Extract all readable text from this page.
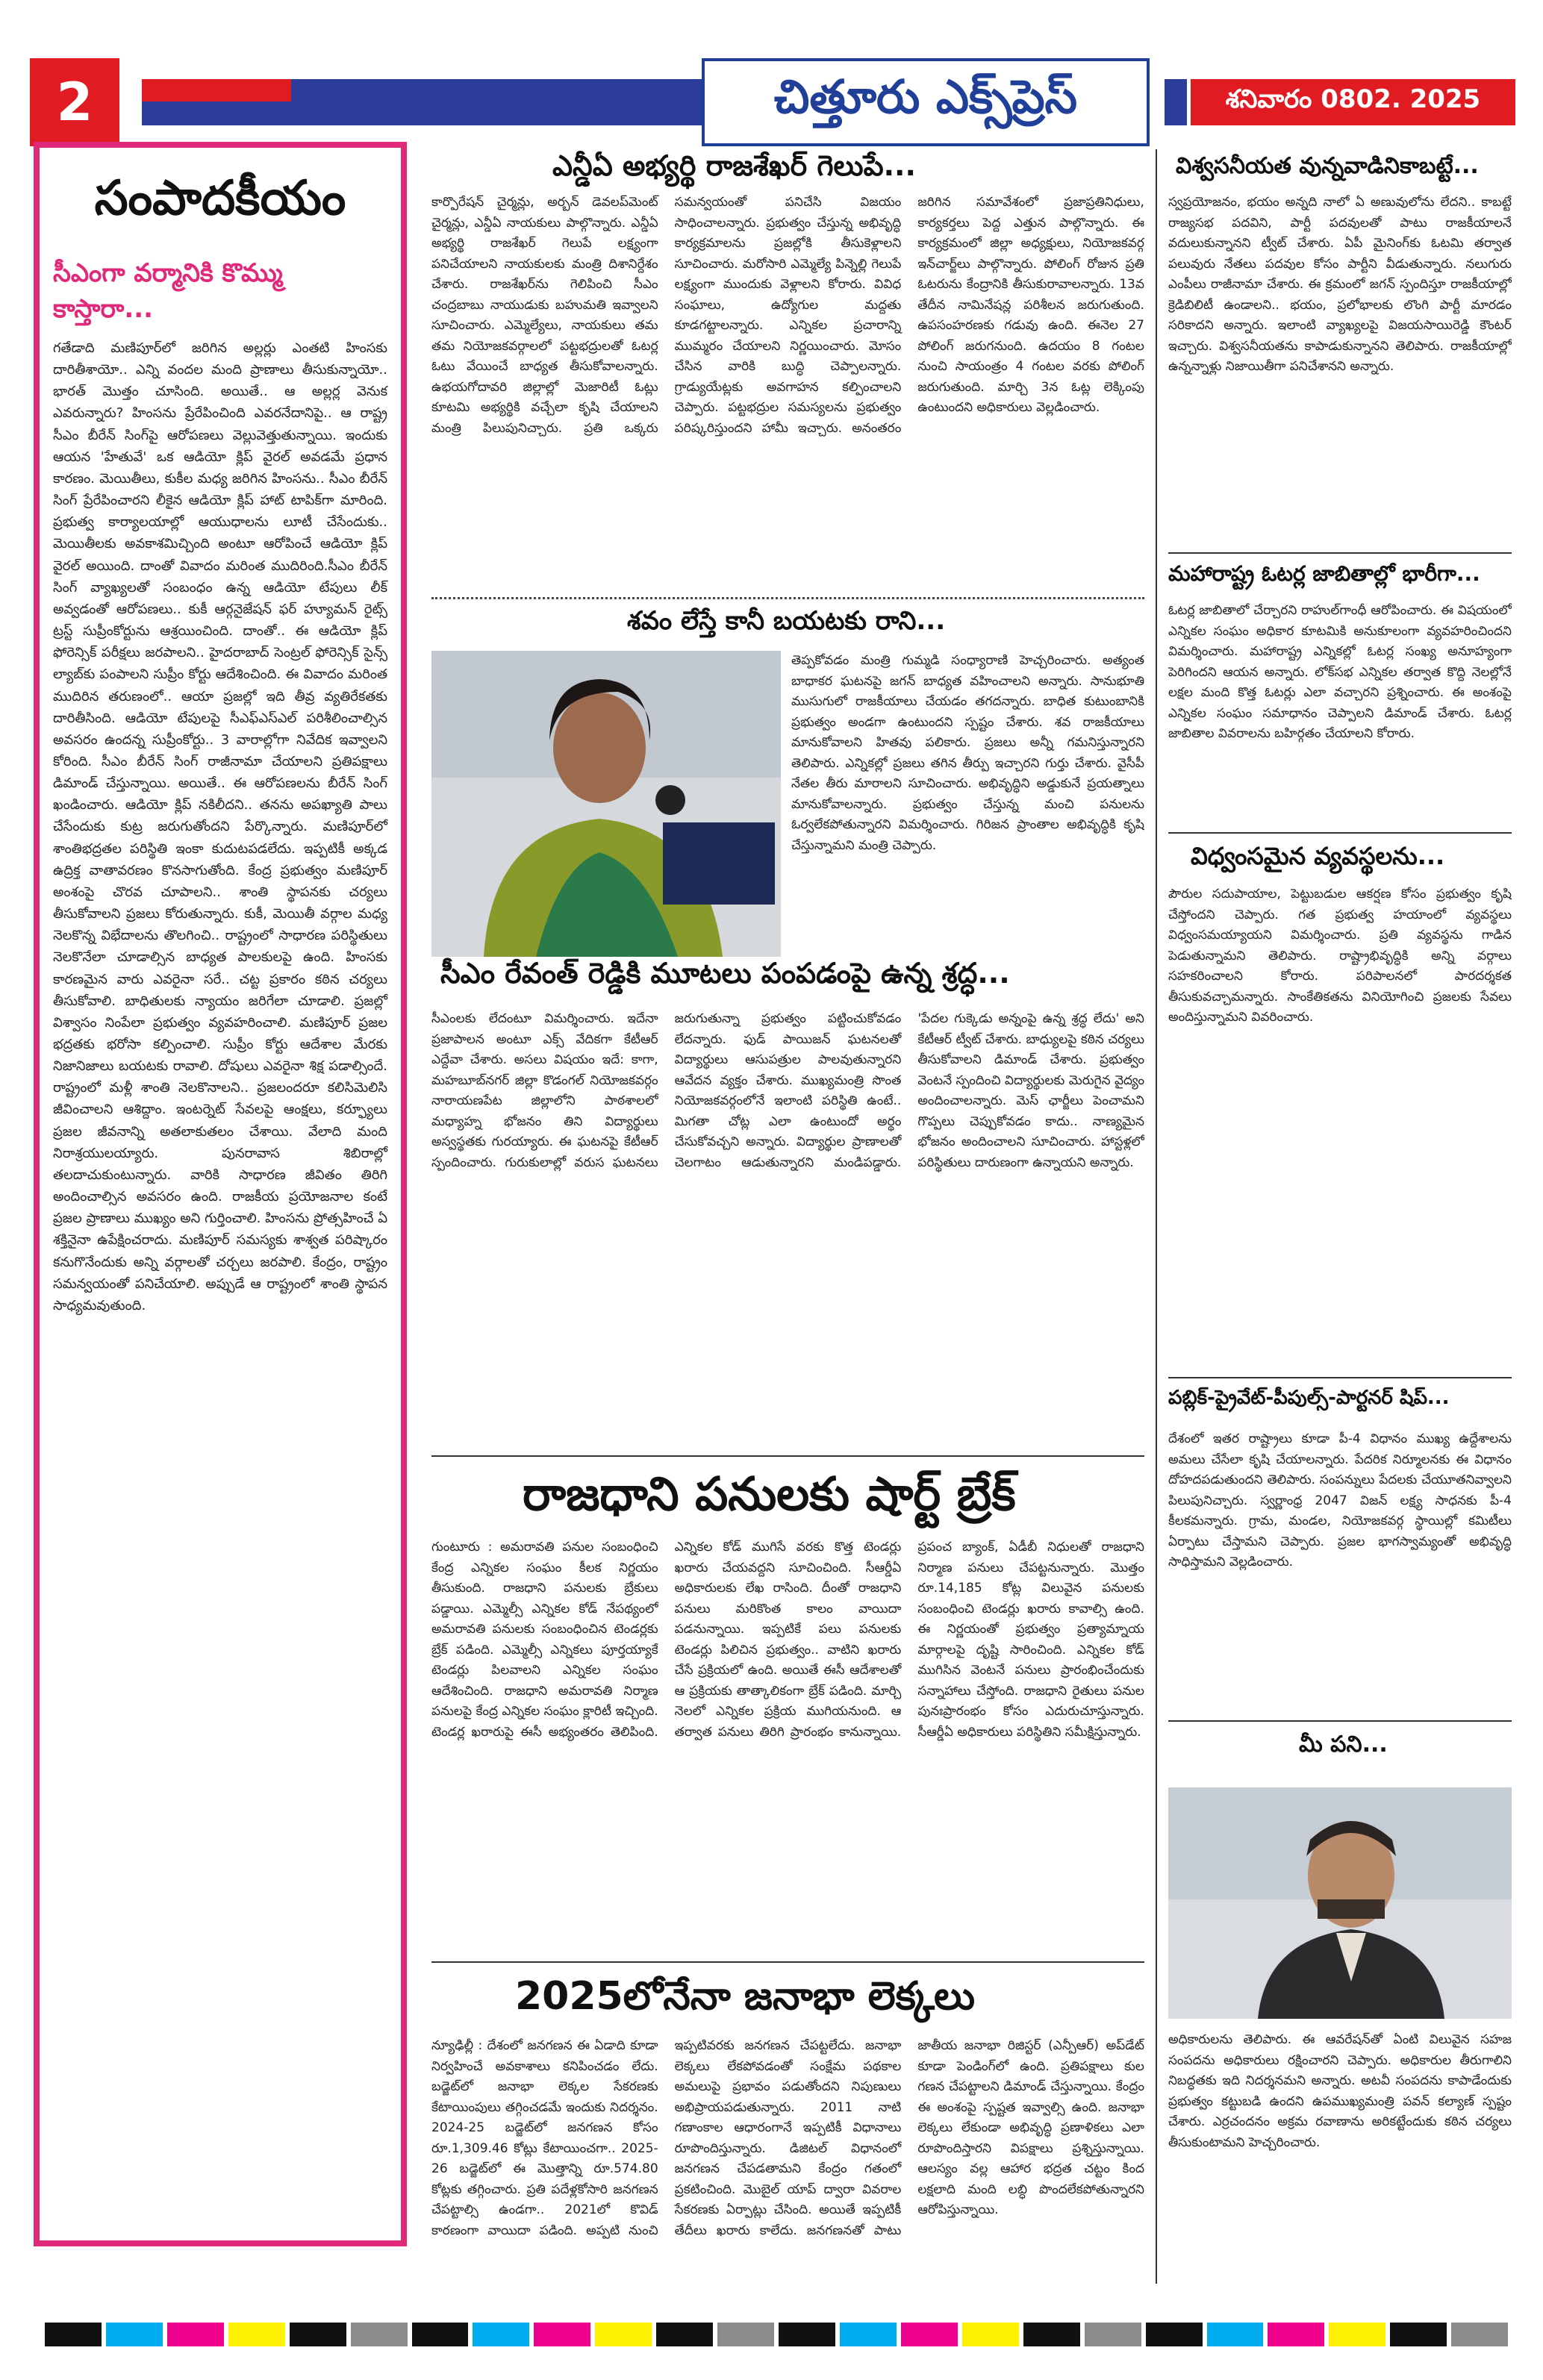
2	చిత్తూరు ఎక్స్‌ప్రెస్	శనివారం 0802. 2025
సంపాదకీయం
సీఎంగా వర్మానికి కొమ్ము కాస్తారా...
గతేడాది మణిపూర్‌లో జరిగిన అల్లర్లు ఎంతటి హింసకు దారితీశాయో.. ఎన్ని వందల మంది ప్రాణాలు తీసుకున్నాయో.. భారత్ మొత్తం చూసింది. అయితే.. ఆ అల్లర్ల వెనుక ఎవరున్నారు? హింసను ప్రేరేపించింది ఎవరనేదానిపై.. ఆ రాష్ట్ర సీఎం బీరేన్ సింగ్‌పై ఆరోపణలు వెల్లువెత్తుతున్నాయి. ఇందుకు ఆయన 'హేతువే' ఒక ఆడియో క్లిప్ వైరల్ అవడమే ప్రధాన కారణం. మెయితీలు, కుకీల మధ్య జరిగిన హింసను.. సీఎం బీరేన్ సింగ్ ప్రేరేపించారని లీకైన ఆడియో క్లిప్ హాట్ టాపిక్‌గా మారింది. ప్రభుత్వ కార్యాలయాల్లో ఆయుధాలను లూటీ చేసేందుకు.. మెయితీలకు అవకాశమిచ్చింది అంటూ ఆరోపించే ఆడియో క్లిప్ వైరల్ అయింది. దాంతో వివాదం మరింత ముదిరింది.సీఎం బీరేన్ సింగ్ వ్యాఖ్యలతో సంబంధం ఉన్న ఆడియో టేపులు లీక్ అవ్వడంతో ఆరోపణలు.. కుకీ ఆర్గనైజేషన్ ఫర్ హ్యూమన్ రైట్స్ ట్రస్ట్ సుప్రీంకోర్టును ఆశ్రయించింది. దాంతో.. ఈ ఆడియో క్లిప్ ఫోరెన్సిక్ పరీక్షలు జరపాలని.. హైదరాబాద్ సెంట్రల్ ఫోరెన్సిక్ సైన్స్ ల్యాబ్‌కు పంపాలని సుప్రీం కోర్టు ఆదేశించింది. ఈ వివాదం మరింత ముదిరిన తరుణంలో.. ఆయా ప్రజల్లో ఇది తీవ్ర వ్యతిరేకతకు దారితీసింది. ఆడియో టేపులపై సీఎఫ్ఎస్ఎల్ పరిశీలించాల్సిన అవసరం ఉందన్న సుప్రీంకోర్టు.. 3 వారాల్లోగా నివేదిక ఇవ్వాలని కోరింది. సీఎం బీరేన్ సింగ్ రాజీనామా చేయాలని ప్రతిపక్షాలు డిమాండ్ చేస్తున్నాయి. అయితే.. ఈ ఆరోపణలను బీరేన్ సింగ్ ఖండించారు. ఆడియో క్లిప్ నకిలీదని.. తనను అపఖ్యాతి పాలు చేసేందుకు కుట్ర జరుగుతోందని పేర్కొన్నారు. మణిపూర్‌లో శాంతిభద్రతల పరిస్థితి ఇంకా కుదుటపడలేదు. ఇప్పటికీ అక్కడ ఉద్రిక్త వాతావరణం కొనసాగుతోంది. కేంద్ర ప్రభుత్వం మణిపూర్ అంశంపై చొరవ చూపాలని.. శాంతి స్థాపనకు చర్యలు తీసుకోవాలని ప్రజలు కోరుతున్నారు. కుకీ, మెయితీ వర్గాల మధ్య నెలకొన్న విభేదాలను తొలగించి.. రాష్ట్రంలో సాధారణ పరిస్థితులు నెలకొనేలా చూడాల్సిన బాధ్యత పాలకులపై ఉంది. హింసకు కారణమైన వారు ఎవరైనా సరే.. చట్ట ప్రకారం కఠిన చర్యలు తీసుకోవాలి. బాధితులకు న్యాయం జరిగేలా చూడాలి. ప్రజల్లో విశ్వాసం నింపేలా ప్రభుత్వం వ్యవహరించాలి. మణిపూర్ ప్రజల భద్రతకు భరోసా కల్పించాలి. సుప్రీం కోర్టు ఆదేశాల మేరకు నిజానిజాలు బయటకు రావాలి. దోషులు ఎవరైనా శిక్ష పడాల్సిందే. రాష్ట్రంలో మళ్లీ శాంతి నెలకొనాలని.. ప్రజలందరూ కలిసిమెలిసి జీవించాలని ఆశిద్దాం. ఇంటర్నెట్ సేవలపై ఆంక్షలు, కర్ఫ్యూలు ప్రజల జీవనాన్ని అతలాకుతలం చేశాయి. వేలాది మంది నిరాశ్రయులయ్యారు. పునరావాస శిబిరాల్లో తలదాచుకుంటున్నారు. వారికి సాధారణ జీవితం తిరిగి అందించాల్సిన అవసరం ఉంది. రాజకీయ ప్రయోజనాల కంటే ప్రజల ప్రాణాలు ముఖ్యం అని గుర్తించాలి. హింసను ప్రోత్సహించే ఏ శక్తినైనా ఉపేక్షించరాదు. మణిపూర్ సమస్యకు శాశ్వత పరిష్కారం కనుగొనేందుకు అన్ని వర్గాలతో చర్చలు జరపాలి. కేంద్రం, రాష్ట్రం సమన్వయంతో పనిచేయాలి. అప్పుడే ఆ రాష్ట్రంలో శాంతి స్థాపన సాధ్యమవుతుంది.
ఎన్డీఏ అభ్యర్థి రాజశేఖర్ గెలుపే...
కార్పొరేషన్ చైర్మన్లు, అర్బన్ డెవలప్‌మెంట్ చైర్మన్లు, ఎన్డీఏ నాయకులు పాల్గొన్నారు. ఎన్డీఏ అభ్యర్థి రాజశేఖర్ గెలుపే లక్ష్యంగా పనిచేయాలని నాయకులకు మంత్రి దిశానిర్దేశం చేశారు. రాజశేఖర్‌ను గెలిపించి సీఎం చంద్రబాబు నాయుడుకు బహుమతి ఇవ్వాలని సూచించారు. ఎమ్మెల్యేలు, నాయకులు తమ తమ నియోజకవర్గాలలో పట్టభద్రులతో ఓటర్ల ఓటు వేయించే బాధ్యత తీసుకోవాలన్నారు. ఉభయగోదావరి జిల్లాల్లో మెజారిటీ ఓట్లు కూటమి అభ్యర్థికి వచ్చేలా కృషి చేయాలని మంత్రి పిలుపునిచ్చారు. ప్రతి ఒక్కరు సమన్వయంతో పనిచేసి విజయం సాధించాలన్నారు. ప్రభుత్వం చేస్తున్న అభివృద్ధి కార్యక్రమాలను ప్రజల్లోకి తీసుకెళ్లాలని సూచించారు. మరోసారి ఎమ్మెల్యే పిన్నెల్లి గెలుపే లక్ష్యంగా ముందుకు వెళ్లాలని కోరారు. వివిధ సంఘాలు, ఉద్యోగుల మద్దతు కూడగట్టాలన్నారు. ఎన్నికల ప్రచారాన్ని ముమ్మరం చేయాలని నిర్ణయించారు. మోసం చేసిన వారికి బుద్ధి చెప్పాలన్నారు. గ్రాడ్యుయేట్లకు అవగాహన కల్పించాలని చెప్పారు. పట్టభద్రుల సమస్యలను ప్రభుత్వం పరిష్కరిస్తుందని హామీ ఇచ్చారు. అనంతరం జరిగిన సమావేశంలో ప్రజాప్రతినిధులు, కార్యకర్తలు పెద్ద ఎత్తున పాల్గొన్నారు. ఈ కార్యక్రమంలో జిల్లా అధ్యక్షులు, నియోజకవర్గ ఇన్‌చార్జ్‌లు పాల్గొన్నారు. పోలింగ్ రోజున ప్రతి ఓటరును కేంద్రానికి తీసుకురావాలన్నారు. 13వ తేదీన నామినేషన్ల పరిశీలన జరుగుతుంది. ఉపసంహరణకు గడువు ఉంది. ఈనెల 27 పోలింగ్ జరుగనుంది. ఉదయం 8 గంటల నుంచి సాయంత్రం 4 గంటల వరకు పోలింగ్ జరుగుతుంది. మార్చి 3న ఓట్ల లెక్కింపు ఉంటుందని అధికారులు వెల్లడించారు.
విశ్వసనీయత వున్నవాడినికాబట్టే...
స్వప్రయోజనం, భయం అన్నది నాలో ఏ అణువులోను లేదని.. కాబట్టే రాజ్యసభ పదవిని, పార్టీ పదవులతో పాటు రాజకీయాలనే వదులుకున్నానని ట్వీట్ చేశారు. ఏపీ మైనింగ్‌కు ఓటమి తర్వాత పలువురు నేతలు పదవుల కోసం పార్టీని వీడుతున్నారు. నలుగురు ఎంపీలు రాజీనామా చేశారు. ఈ క్రమంలో జగన్ స్పందిస్తూ రాజకీయాల్లో క్రెడిబిలిటీ ఉండాలని.. భయం, ప్రలోభాలకు లొంగి పార్టీ మారడం సరికాదని అన్నారు. ఇలాంటి వ్యాఖ్యలపై విజయసాయిరెడ్డి కౌంటర్ ఇచ్చారు. విశ్వసనీయతను కాపాడుకున్నానని తెలిపారు. రాజకీయాల్లో ఉన్నన్నాళ్లు నిజాయితీగా పనిచేశానని అన్నారు.
మహారాష్ట్ర ఓటర్ల జాబితాల్లో భారీగా...
ఓటర్ల జాబితాలో చేర్చారని రాహుల్‌గాంధీ ఆరోపించారు. ఈ విషయంలో ఎన్నికల సంఘం అధికార కూటమికి అనుకూలంగా వ్యవహరించిందని విమర్శించారు. మహారాష్ట్ర ఎన్నికల్లో ఓటర్ల సంఖ్య అనూహ్యంగా పెరిగిందని ఆయన అన్నారు. లోక్‌సభ ఎన్నికల తర్వాత కొద్ది నెలల్లోనే లక్షల మంది కొత్త ఓటర్లు ఎలా వచ్చారని ప్రశ్నించారు. ఈ అంశంపై ఎన్నికల సంఘం సమాధానం చెప్పాలని డిమాండ్ చేశారు. ఓటర్ల జాబితాల వివరాలను బహిర్గతం చేయాలని కోరారు.
విధ్వంసమైన వ్యవస్థలను...
పౌరుల సదుపాయాల, పెట్టుబడుల ఆకర్షణ కోసం ప్రభుత్వం కృషి చేస్తోందని చెప్పారు. గత ప్రభుత్వ హయాంలో వ్యవస్థలు విధ్వంసమయ్యాయని విమర్శించారు. ప్రతి వ్యవస్థను గాడిన పెడుతున్నామని తెలిపారు. రాష్ట్రాభివృద్ధికి అన్ని వర్గాలు సహకరించాలని కోరారు. పరిపాలనలో పారదర్శకత తీసుకువచ్చామన్నారు. సాంకేతికతను వినియోగించి ప్రజలకు సేవలు అందిస్తున్నామని వివరించారు.
పబ్లిక్-ప్రైవేట్-పీపుల్స్-పార్టనర్ షిప్...
దేశంలో ఇతర రాష్ట్రాలు కూడా పీ-4 విధానం ముఖ్య ఉద్దేశాలను అమలు చేసేలా కృషి చేయాలన్నారు. పేదరిక నిర్మూలనకు ఈ విధానం దోహదపడుతుందని తెలిపారు. సంపన్నులు పేదలకు చేయూతనివ్వాలని పిలుపునిచ్చారు. స్వర్ణాంధ్ర 2047 విజన్ లక్ష్య సాధనకు పీ-4 కీలకమన్నారు. గ్రామ, మండల, నియోజకవర్గ స్థాయిల్లో కమిటీలు ఏర్పాటు చేస్తామని చెప్పారు. ప్రజల భాగస్వామ్యంతో అభివృద్ధి సాధిస్తామని వెల్లడించారు.
మీ పని...
అధికారులను తెలిపారు. ఈ ఆవరేషన్‌తో ఏంటి విలువైన సహజ సంపదను అధికారులు రక్షించారని చెప్పారు. అధికారుల తీరుగాలిని నిబద్ధతకు ఇది నిదర్శనమని అన్నారు. అటవీ సంపదను కాపాడేందుకు ప్రభుత్వం కట్టుబడి ఉందని ఉపముఖ్యమంత్రి పవన్ కల్యాణ్ స్పష్టం చేశారు. ఎర్రచందనం అక్రమ రవాణాను అరికట్టేందుకు కఠిన చర్యలు తీసుకుంటామని హెచ్చరించారు.
శవం లేస్తే కానీ బయటకు రాని...
తెప్పకోవడం మంత్రి గుమ్మడి సంధ్యారాణి హెచ్చరించారు. అత్యంత బాధాకర ఘటనపై జగన్ బాధ్యత వహించాలని అన్నారు. సానుభూతి ముసుగులో రాజకీయాలు చేయడం తగదన్నారు. బాధిత కుటుంబానికి ప్రభుత్వం అండగా ఉంటుందని స్పష్టం చేశారు. శవ రాజకీయాలు మానుకోవాలని హితవు పలికారు. ప్రజలు అన్నీ గమనిస్తున్నారని తెలిపారు. ఎన్నికల్లో ప్రజలు తగిన తీర్పు ఇచ్చారని గుర్తు చేశారు. వైసీపీ నేతల తీరు మారాలని సూచించారు. అభివృద్ధిని అడ్డుకునే ప్రయత్నాలు మానుకోవాలన్నారు. ప్రభుత్వం చేస్తున్న మంచి పనులను ఓర్వలేకపోతున్నారని విమర్శించారు. గిరిజన ప్రాంతాల అభివృద్ధికి కృషి చేస్తున్నామని మంత్రి చెప్పారు.
సీఎం రేవంత్ రెడ్డికి మూటలు పంపడంపై ఉన్న శ్రద్ధ...
సీఎంలకు లేదంటూ విమర్శించారు. ఇదేనా ప్రజాపాలన అంటూ ఎక్స్ వేదికగా కేటీఆర్ ఎద్దేవా చేశారు. అసలు విషయం ఇదే: కాగా, మహబూబ్‌నగర్ జిల్లా కొడంగల్ నియోజకవర్గం నారాయణపేట జిల్లాలోని పాఠశాలలో మధ్యాహ్న భోజనం తిని విద్యార్థులు అస్వస్థతకు గురయ్యారు. ఈ ఘటనపై కేటీఆర్ స్పందించారు. గురుకులాల్లో వరుస ఘటనలు జరుగుతున్నా ప్రభుత్వం పట్టించుకోవడం లేదన్నారు. ఫుడ్ పాయిజన్ ఘటనలతో విద్యార్థులు ఆసుపత్రుల పాలవుతున్నారని ఆవేదన వ్యక్తం చేశారు. ముఖ్యమంత్రి సొంత నియోజకవర్గంలోనే ఇలాంటి పరిస్థితి ఉంటే.. మిగతా చోట్ల ఎలా ఉంటుందో అర్థం చేసుకోవచ్చని అన్నారు. విద్యార్థుల ప్రాణాలతో చెలగాటం ఆడుతున్నారని మండిపడ్డారు. 'పేదల గుక్కెడు అన్నంపై ఉన్న శ్రద్ధ లేదు' అని కేటీఆర్ ట్వీట్ చేశారు. బాధ్యులపై కఠిన చర్యలు తీసుకోవాలని డిమాండ్ చేశారు. ప్రభుత్వం వెంటనే స్పందించి విద్యార్థులకు మెరుగైన వైద్యం అందించాలన్నారు. మెస్ ఛార్జీలు పెంచామని గొప్పలు చెప్పుకోవడం కాదు.. నాణ్యమైన భోజనం అందించాలని సూచించారు. హాస్టళ్లలో పరిస్థితులు దారుణంగా ఉన్నాయని అన్నారు.
రాజధాని పనులకు షార్ట్ బ్రేక్
గుంటూరు : అమరావతి పనుల సంబంధించి కేంద్ర ఎన్నికల సంఘం కీలక నిర్ణయం తీసుకుంది. రాజధాని పనులకు బ్రేకులు పడ్డాయి. ఎమ్మెల్సీ ఎన్నికల కోడ్ నేపథ్యంలో అమరావతి పనులకు సంబంధించిన టెండర్లకు బ్రేక్ పడింది. ఎమ్మెల్సీ ఎన్నికలు పూర్తయ్యాకే టెండర్లు పిలవాలని ఎన్నికల సంఘం ఆదేశించింది. రాజధాని అమరావతి నిర్మాణ పనులపై కేంద్ర ఎన్నికల సంఘం క్లారిటీ ఇచ్చింది. టెండర్ల ఖరారుపై ఈసీ అభ్యంతరం తెలిపింది. ఎన్నికల కోడ్ ముగిసే వరకు కొత్త టెండర్లు ఖరారు చేయవద్దని సూచించింది. సీఆర్డీఏ అధికారులకు లేఖ రాసింది. దీంతో రాజధాని పనులు మరికొంత కాలం వాయిదా పడనున్నాయి. ఇప్పటికే పలు పనులకు టెండర్లు పిలిచిన ప్రభుత్వం.. వాటిని ఖరారు చేసే ప్రక్రియలో ఉంది. అయితే ఈసీ ఆదేశాలతో ఆ ప్రక్రియకు తాత్కాలికంగా బ్రేక్ పడింది. మార్చి నెలలో ఎన్నికల ప్రక్రియ ముగియనుంది. ఆ తర్వాత పనులు తిరిగి ప్రారంభం కానున్నాయి. ప్రపంచ బ్యాంక్, ఏడీబీ నిధులతో రాజధాని నిర్మాణ పనులు చేపట్టనున్నారు. మొత్తం రూ.14,185 కోట్ల విలువైన పనులకు సంబంధించి టెండర్లు ఖరారు కావాల్సి ఉంది. ఈ నిర్ణయంతో ప్రభుత్వం ప్రత్యామ్నాయ మార్గాలపై దృష్టి సారించింది. ఎన్నికల కోడ్ ముగిసిన వెంటనే పనులు ప్రారంభించేందుకు సన్నాహాలు చేస్తోంది. రాజధాని రైతులు పనుల పునఃప్రారంభం కోసం ఎదురుచూస్తున్నారు. సీఆర్డీఏ అధికారులు పరిస్థితిని సమీక్షిస్తున్నారు.
2025లోనేనా జనాభా లెక్కలు
న్యూఢిల్లీ : దేశంలో జనగణన ఈ ఏడాది కూడా నిర్వహించే అవకాశాలు కనిపించడం లేదు. బడ్జెట్‌లో జనాభా లెక్కల సేకరణకు కేటాయింపులు తగ్గించడమే ఇందుకు నిదర్శనం. 2024-25 బడ్జెట్‌లో జనగణన కోసం రూ.1,309.46 కోట్లు కేటాయించగా.. 2025-26 బడ్జెట్‌లో ఈ మొత్తాన్ని రూ.574.80 కోట్లకు తగ్గించారు. ప్రతి పదేళ్లకోసారి జనగణన చేపట్టాల్సి ఉండగా.. 2021లో కొవిడ్ కారణంగా వాయిదా పడింది. అప్పటి నుంచి ఇప్పటివరకు జనగణన చేపట్టలేదు. జనాభా లెక్కలు లేకపోవడంతో సంక్షేమ పథకాల అమలుపై ప్రభావం పడుతోందని నిపుణులు అభిప్రాయపడుతున్నారు. 2011 నాటి గణాంకాల ఆధారంగానే ఇప్పటికీ విధానాలు రూపొందిస్తున్నారు. డిజిటల్ విధానంలో జనగణన చేపడతామని కేంద్రం గతంలో ప్రకటించింది. మొబైల్ యాప్ ద్వారా వివరాల సేకరణకు ఏర్పాట్లు చేసింది. అయితే ఇప్పటికీ తేదీలు ఖరారు కాలేదు. జనగణనతో పాటు జాతీయ జనాభా రిజిస్టర్ (ఎన్పీఆర్) అప్‌డేట్ కూడా పెండింగ్‌లో ఉంది. ప్రతిపక్షాలు కుల గణన చేపట్టాలని డిమాండ్ చేస్తున్నాయి. కేంద్రం ఈ అంశంపై స్పష్టత ఇవ్వాల్సి ఉంది. జనాభా లెక్కలు లేకుండా అభివృద్ధి ప్రణాళికలు ఎలా రూపొందిస్తారని విపక్షాలు ప్రశ్నిస్తున్నాయి. ఆలస్యం వల్ల ఆహార భద్రత చట్టం కింద లక్షలాది మంది లబ్ధి పొందలేకపోతున్నారని ఆరోపిస్తున్నాయి.
